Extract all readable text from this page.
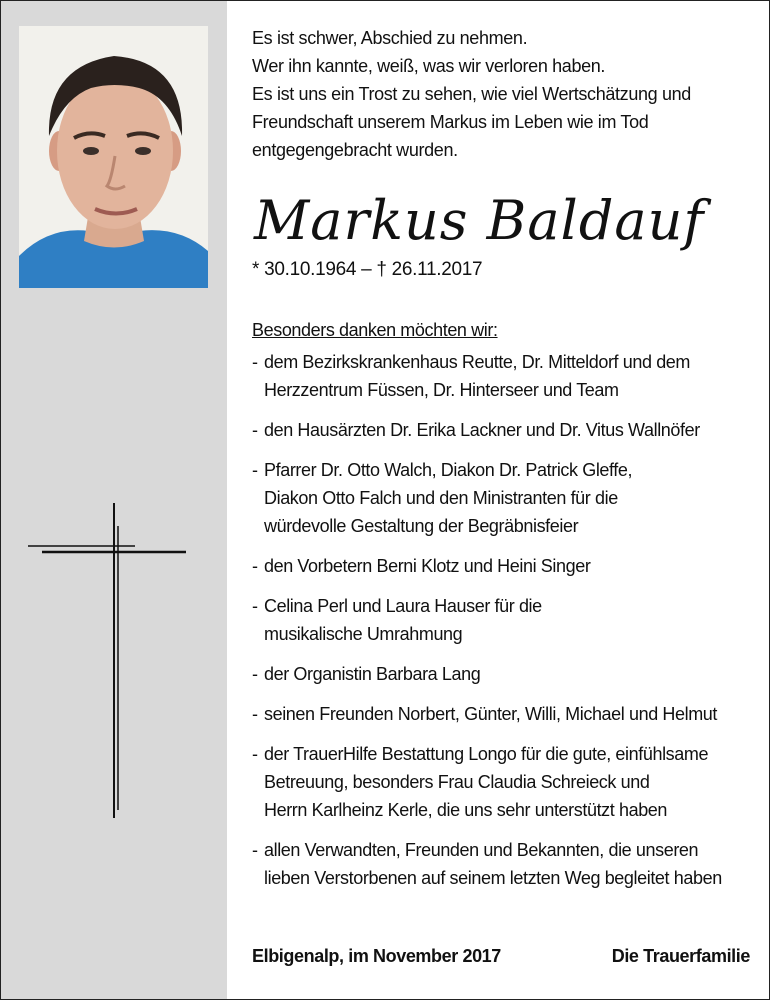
Es ist schwer, Abschied zu nehmen.

Wer ihn kannte, weiß, was wir verloren haben.

Es ist uns ein Trost zu sehen, wie viel Wertschätzung und

Freundschaft unserem Markus im Leben wie im Tod

entgegengebracht wurden.

Markus Baldauf
* 30.10.1964 – † 26.11.2017

Besonders danken möchten wir:

- dem Bezirkskrankenhaus Reutte, Dr. Mitteldorf und dem
Herzzentrum Füssen, Dr. Hinterseer und Team
- den Hausärzten Dr. Erika Lackner und Dr. Vitus Wallnöfer
- Pfarrer Dr. Otto Walch, Diakon Dr. Patrick Gleffe,
Diakon Otto Falch und den Ministranten für die
würdevolle Gestaltung der Begräbnisfeier
- den Vorbetern Berni Klotz und Heini Singer
- Celina Perl und Laura Hauser für die
musikalische Umrahmung
- der Organistin Barbara Lang
- seinen Freunden Norbert, Günter, Willi, Michael und Helmut
- der TrauerHilfe Bestattung Longo für die gute, einfühlsame
Betreuung, besonders Frau Claudia Schreieck und
Herrn Karlheinz Kerle, die uns sehr unterstützt haben
- allen Verwandten, Freunden und Bekannten, die unseren
lieben Verstorbenen auf seinem letzten Weg begleitet haben
Elbigenalp, im November 2017	Die Trauerfamilie
